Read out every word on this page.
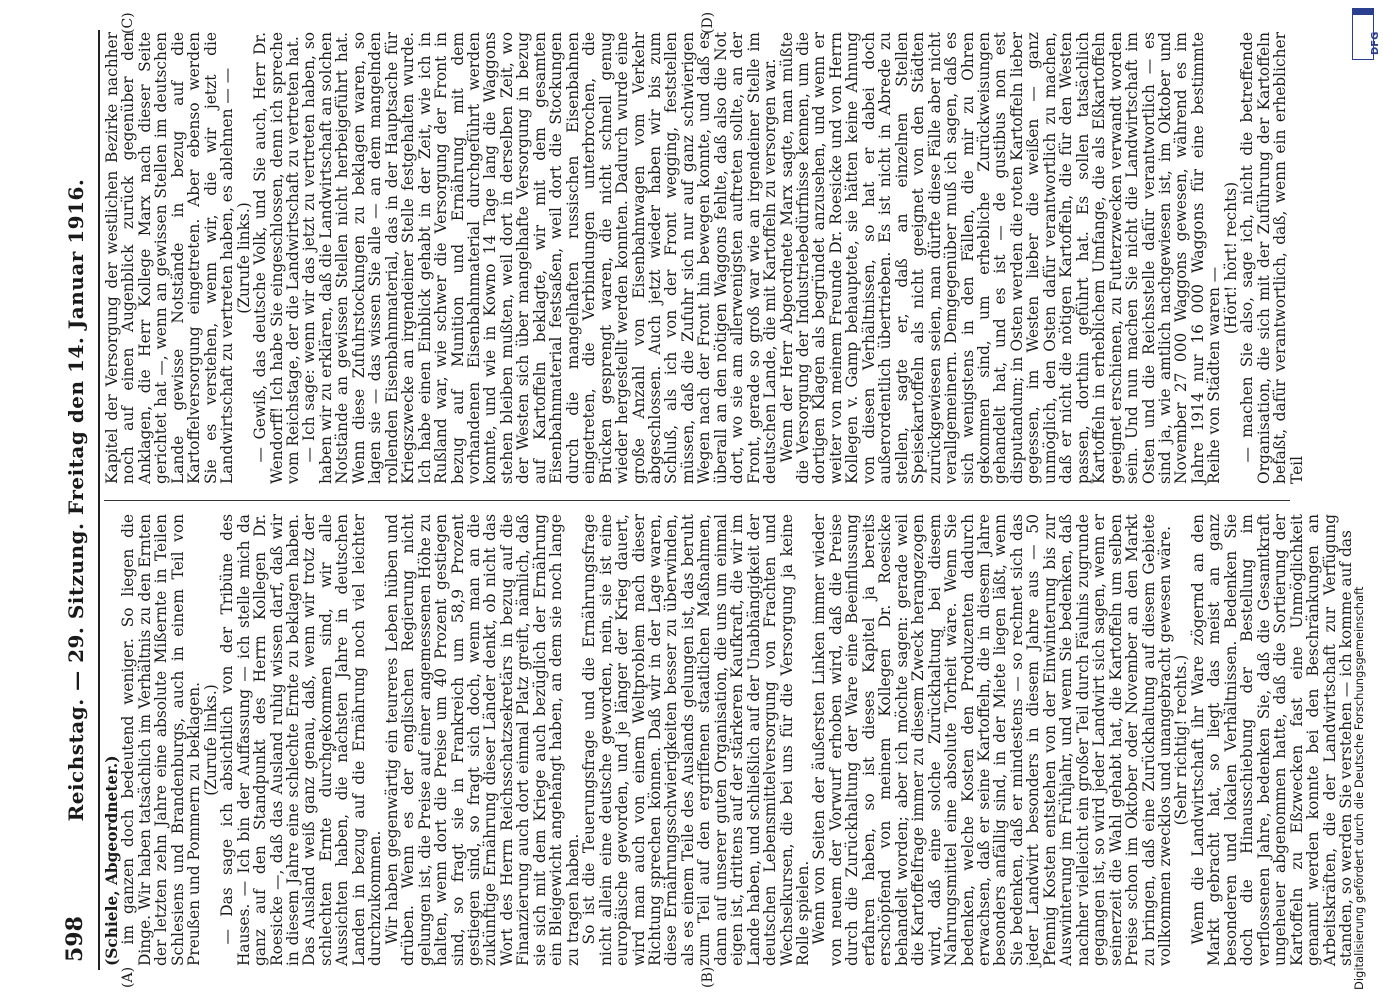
598
Reichstag. — 29. Sitzung. Freitag den 14. Januar 1916.
(A)	(B)
(C)	(D)

(Schiele, Abgeordneter.)

im ganzen doch bedeutend weniger. So liegen die Dinge. Wir haben tatsächlich im Verhältnis zu den Ernten der letzten zehn Jahre eine absolute Mißernte in Teilen Schlesiens und Brandenburgs, auch in einem Teil von Preußen und Pommern zu beklagen.

(Zurufe links.)

— Das sage ich absichtlich von der Tribüne des Hauses. — Ich bin der Auffassung — ich stelle mich da ganz auf den Standpunkt des Herrn Kollegen Dr. Roesicke —, daß das Ausland ruhig wissen darf, daß wir in diesem Jahre eine schlechte Ernte zu beklagen haben. Das Ausland weiß ganz genau, daß, wenn wir trotz der schlechten Ernte durchgekommen sind, wir alle Aussichten haben, die nächsten Jahre in deutschen Landen in bezug auf die Ernährung noch viel leichter durchzukommen.

Wir haben gegenwärtig ein teureres Leben hüben und drüben. Wenn es der englischen Regierung nicht gelungen ist, die Preise auf einer angemessenen Höhe zu halten, wenn dort die Preise um 40 Prozent gestiegen sind, so fragt sie in Frankreich um 58,9 Prozent gestiegen sind, so fragt sich doch, wenn man an die zukünftige Ernährung dieser Länder denkt, ob nicht das Wort des Herrn Reichsschatzsekretärs in bezug auf die Finanzierung auch dort einmal Platz greift, nämlich, daß sie sich mit dem Kriege auch bezüglich der Ernährung ein Bleigewicht angehängt haben, an dem sie noch lange zu tragen haben.

So ist die Teuerungsfrage und die Ernährungsfrage nicht allein eine deutsche geworden, nein, sie ist eine europäische geworden, und je länger der Krieg dauert, wird man auch von einem Weltproblem nach dieser Richtung sprechen können. Daß wir in der Lage waren, diese Ernährungsschwierigkeiten besser zu überwinden, als es einem Teile des Auslands gelungen ist, das beruht zum Teil auf den ergriffenen staatlichen Maßnahmen, dann auf unserer guten Organisation, die uns um einmal eigen ist, drittens auf der stärkeren Kaufkraft, die wir im Lande haben, und schließlich auf der Unabhängigkeit der deutschen Lebensmittelversorgung von Frachten und Wechselkursen, die bei uns für die Versorgung ja keine Rolle spielen.

Wenn von Seiten der äußersten Linken immer wieder von neuem der Vorwurf erhoben wird, daß die Preise durch die Zurückhaltung der Ware eine Beeinflussung erfahren haben, so ist dieses Kapitel ja bereits erschöpfend von meinem Kollegen Dr. Roesicke behandelt worden; aber ich möchte sagen: gerade weil die Kartoffelfrage immer zu diesem Zweck herangezogen wird, daß eine solche Zurückhaltung bei diesem Nahrungsmittel eine absolute Torheit wäre. Wenn Sie bedenken, welche Kosten den Produzenten dadurch erwachsen, daß er seine Kartoffeln, die in diesem Jahre besonders anfällig sind, in der Miete liegen läßt, wenn Sie bedenken, daß er mindestens — so rechnet sich das jeder Landwirt besonders in diesem Jahre aus — 50 Pfennig Kosten entstehen von der Einwinterung bis zur Auswinterung im Frühjahr, und wenn Sie bedenken, daß nachher vielleicht ein großer Teil durch Fäulnis zugrunde gegangen ist, so wird jeder Landwirt sich sagen, wenn er seinerzeit die Wahl gehabt hat, die Kartoffeln um selben Preise schon im Oktober oder November an den Markt zu bringen, daß eine Zurückhaltung auf diesem Gebiete vollkommen zwecklos und unangebracht gewesen wäre.

(Sehr richtig! rechts.)

Wenn die Landwirtschaft ihr Ware zögernd an den Markt gebracht hat, so liegt das meist an ganz besonderen und lokalen Verhältnissen. Bedenken Sie doch die Hinausschiebung der Bestellung im verflossenen Jahre, bedenken Sie, daß die Gesamtkraft ungeheuer abgenommen hatte, daß die Sortierung der Kartoffeln zu Eßzwecken fast eine Unmöglichkeit genannt werden konnte bei den Beschränkungen an Arbeitskräften, die der Landwirtschaft zur Verfügung standen, so werden Sie verstehen — ich komme auf das

Kapitel der Versorgung der westlichen Bezirke nachher noch auf einen Augenblick zurück gegenüber den Anklagen, die Herr Kollege Marx nach dieser Seite gerichtet hat —, wenn an gewissen Stellen im deutschen Lande gewisse Notstände in bezug auf die Kartoffelversorgung eingetreten. Aber ebenso werden Sie es verstehen, wenn wir, die wir jetzt die Landwirtschaft zu vertreten haben, es ablehnen — —

(Zurufe links.)

— Gewiß, das deutsche Volk, und Sie auch, Herr Dr. Wendorff! Ich habe Sie eingeschlossen, denn ich spreche vom Reichstage, der die Landwirtschaft zu vertreten hat.

— Ich sage: wenn wir das jetzt zu vertreten haben, so haben wir zu erklären, daß die Landwirtschaft an solchen Notstände an gewissen Stellen nicht herbeigeführt hat. Wenn diese Zufuhrstockungen zu beklagen waren, so lagen sie — das wissen Sie alle — an dem mangelnden rollenden Eisenbahnmaterial, das in der Hauptsache für Kriegszwecke an irgendeiner Stelle festgehalten wurde. Ich habe einen Einblick gehabt in der Zeit, wie ich in Rußland war, wie schwer die Versorgung der Front in bezug auf Munition und Ernährung mit dem vorhandenen Eisenbahnmaterial durchgeführt werden konnte, und wie in Kowno 14 Tage lang die Waggons stehen bleiben mußten, weil dort in derselben Zeit, wo der Westen sich über mangelhafte Versorgung in bezug auf Kartoffeln beklagte, wir mit dem gesamten Eisenbahnmaterial festsaßen, weil dort die Stockungen durch die mangelhaften russischen Eisenbahnen eingetreten, die Verbindungen unterbrochen, die Brücken gesprengt waren, die nicht schnell genug wieder hergestellt werden konnten. Dadurch wurde eine große Anzahl von Eisenbahnwagen vom Verkehr abgeschlossen. Auch jetzt wieder haben wir bis zum Schluß, als ich von der Front wegging, feststellen müssen, daß die Zufuhr sich nur auf ganz schwierigen Wegen nach der Front hin bewegen konnte, und daß es überall an den nötigen Waggons fehlte, daß also die Not dort, wo sie am allerwenigsten auftreten sollte, an der Front, gerade so groß war wie an irgendeiner Stelle im deutschen Lande, die mit Kartoffeln zu versorgen war.

Wenn der Herr Abgeordnete Marx sagte, man müßte die Versorgung der Industriebedürfnisse kennen, um die dortigen Klagen als begründet anzusehen, und wenn er weiter von meinem Freunde Dr. Roesicke und von Herrn Kollegen v. Gamp behauptete, sie hätten keine Ahnung von diesen Verhältnissen, so hat er dabei doch außerordentlich übertrieben. Es ist nicht in Abrede zu stellen, sagte er, daß an einzelnen Stellen Speisekartoffeln als nicht geeignet von den Städten zurückgewiesen seien, man dürfte diese Fälle aber nicht verallgemeinern. Demgegenüber muß ich sagen, daß es sich wenigstens in den Fällen, die mir zu Ohren gekommen sind, um erhebliche Zurückweisungen gehandelt hat, und es ist — de gustibus non est disputandum; in Osten werden die roten Kartoffeln lieber gegessen, im Westen lieber die weißen — ganz unmöglich, den Osten dafür verantwortlich zu machen, daß er nicht die nötigen Kartoffeln, die für den Westen passen, dorthin geführt hat. Es sollen tatsächlich Kartoffeln in erheblichem Umfange, die als Eßkartoffeln geeignet erschienen, zu Futterzwecken verwandt worden sein. Und nun machen Sie nicht die Landwirtschaft im Osten und die Reichsstelle dafür verantwortlich — es sind ja, wie amtlich nachgewiesen ist, im Oktober und November 27 000 Waggons gewesen, während es im Jahre 1914 nur 16 000 Waggons für eine bestimmte Reihe von Städten waren —

(Hört! hört! rechts)

— machen Sie also, sage ich, nicht die betreffende Organisation, die sich mit der Zuführung der Kartoffeln befaßt, dafür verantwortlich, daß, wenn ein erheblicher Teil

DFG
Digitalisierung gefördert durch die Deutsche Forschungsgemeinschaft
